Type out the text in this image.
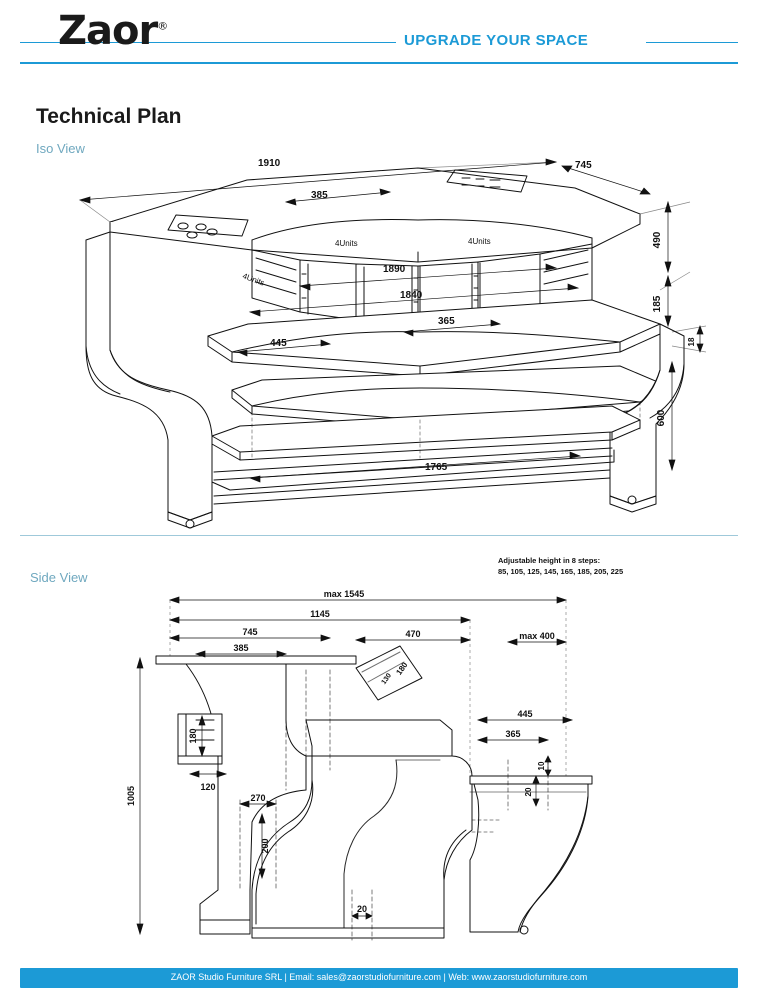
Zaor®
UPGRADE YOUR SPACE
Technical Plan
Iso View
1910	745
385
1890
1840
365
445
1765
490
185
18
600
4Units
4Units	4Units
Side View
Adjustable height in 8 steps:
85, 105, 125, 145, 165, 185, 205, 225
max 1545
1145
745
385
470	max 400
445
365
120
270
20
180
1005
200
10
20
180
130
ZAOR Studio Furniture SRL | Email: sales@zaorstudiofurniture.com | Web: www.zaorstudiofurniture.com
